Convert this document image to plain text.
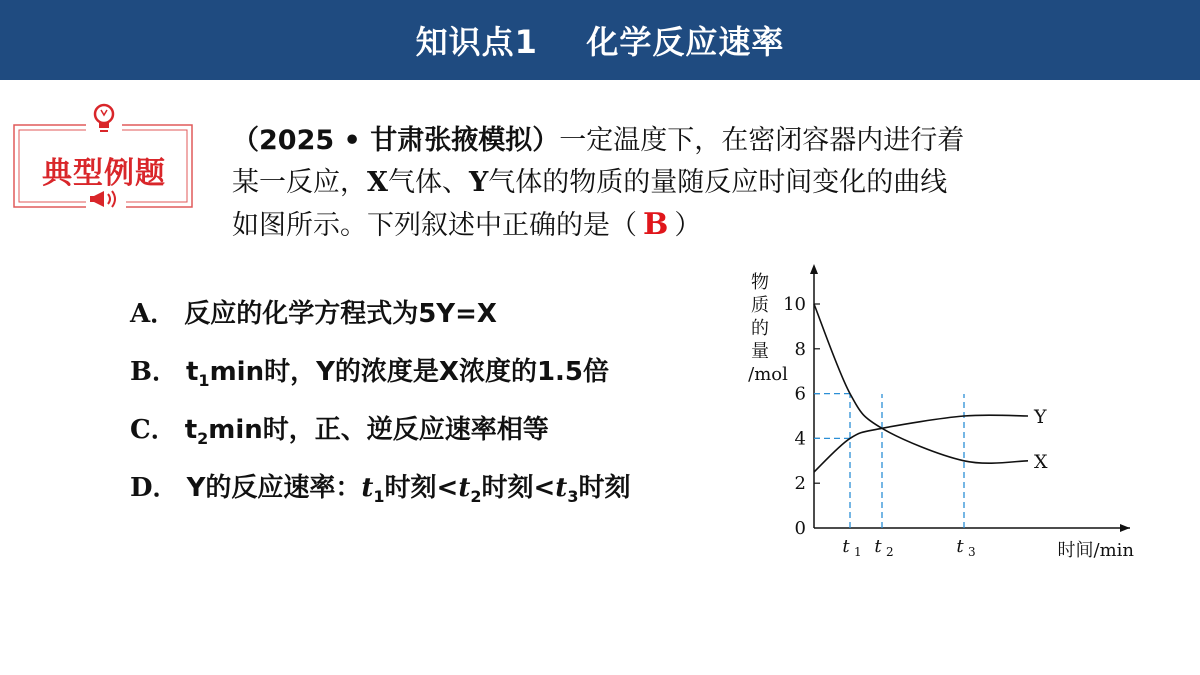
知识点1    化学反应速率
典型例题
（2025 • 甘肃张掖模拟）一定温度下，在密闭容器内进行着
某一反应，X气体、Y气体的物质的量随反应时间变化的曲线
如图所示。下列叙述中正确的是（ B ）
A． 反应的化学方程式为5Y=X
B． $t_1\min$时，Y的浓度是X浓度的1.5倍
C． $t_2\min$时，正、逆反应速率相等
D． Y的反应速率：$t_1$时刻$<t_2$时刻$<t_3$时刻
0
2
4
6
8
10
物
质
的
量
/mol
时间/min
t 1 t 2	t 3
X
Y
